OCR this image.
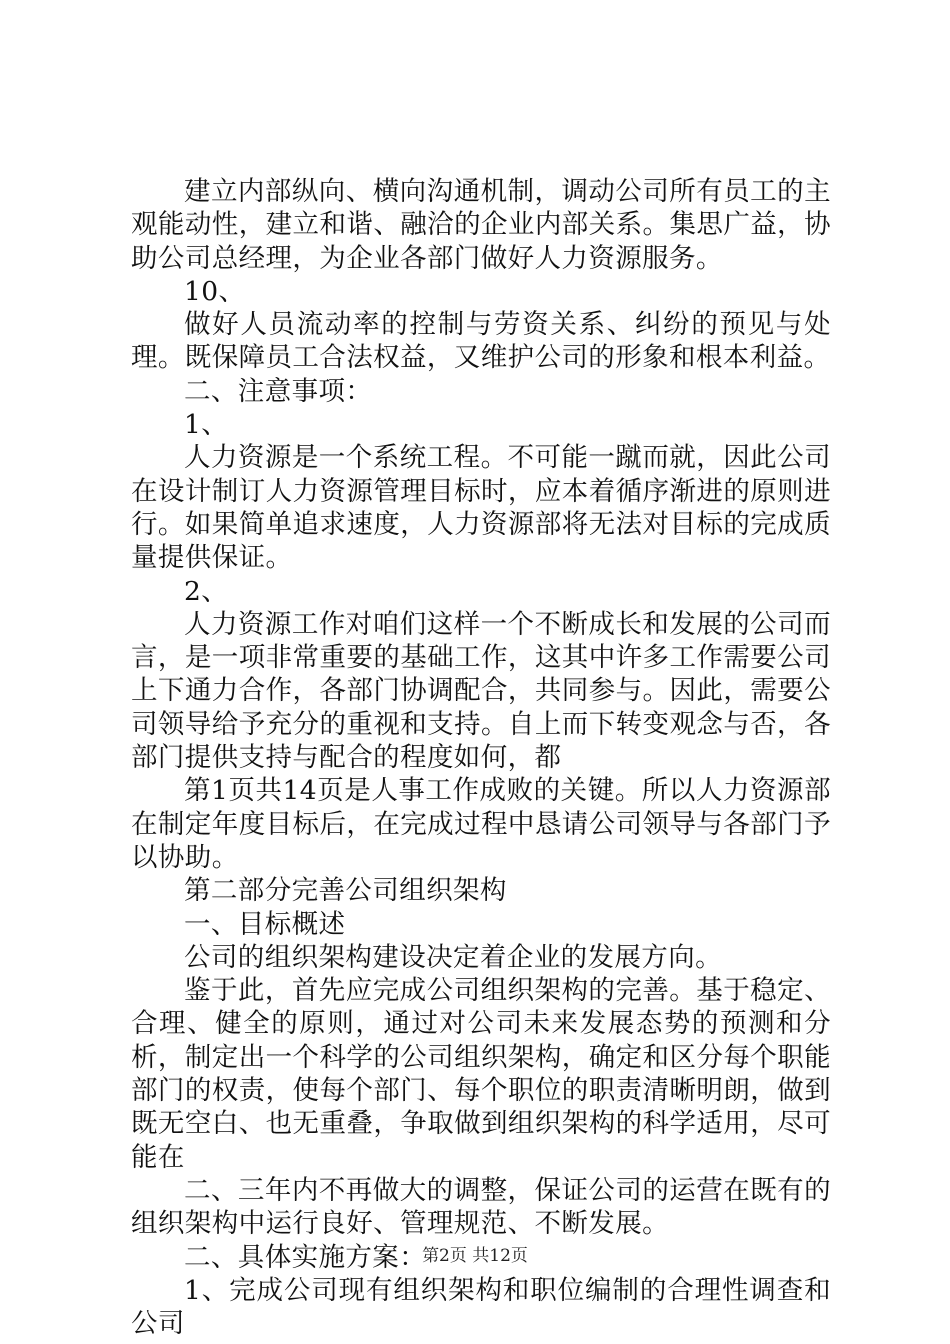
建立内部纵向、横向沟通机制，调动公司所有员工的主观能动性，建立和谐、融洽的企业内部关系。集思广益，协助公司总经理，为企业各部门做好人力资源服务。

10、

做好人员流动率的控制与劳资关系、纠纷的预见与处理。既保障员工合法权益，又维护公司的形象和根本利益。

二、注意事项：

1、

人力资源是一个系统工程。不可能一蹴而就，因此公司在设计制订人力资源管理目标时，应本着循序渐进的原则进行。如果简单追求速度，人力资源部将无法对目标的完成质量提供保证。

2、

人力资源工作对咱们这样一个不断成长和发展的公司而言，是一项非常重要的基础工作，这其中许多工作需要公司上下通力合作，各部门协调配合，共同参与。因此，需要公司领导给予充分的重视和支持。自上而下转变观念与否，各部门提供支持与配合的程度如何，都

第1页共14页是人事工作成败的关键。所以人力资源部在制定年度目标后，在完成过程中恳请公司领导与各部门予以协助。

第二部分完善公司组织架构

一、目标概述

公司的组织架构建设决定着企业的发展方向。

鉴于此，首先应完成公司组织架构的完善。基于稳定、合理、健全的原则，通过对公司未来发展态势的预测和分析，制定出一个科学的公司组织架构，确定和区分每个职能部门的权责，使每个部门、每个职位的职责清晰明朗，做到既无空白、也无重叠，争取做到组织架构的科学适用，尽可能在

二、三年内不再做大的调整，保证公司的运营在既有的组织架构中运行良好、管理规范、不断发展。

二、具体实施方案：

1、完成公司现有组织架构和职位编制的合理性调查和公司

第2页 共12页
